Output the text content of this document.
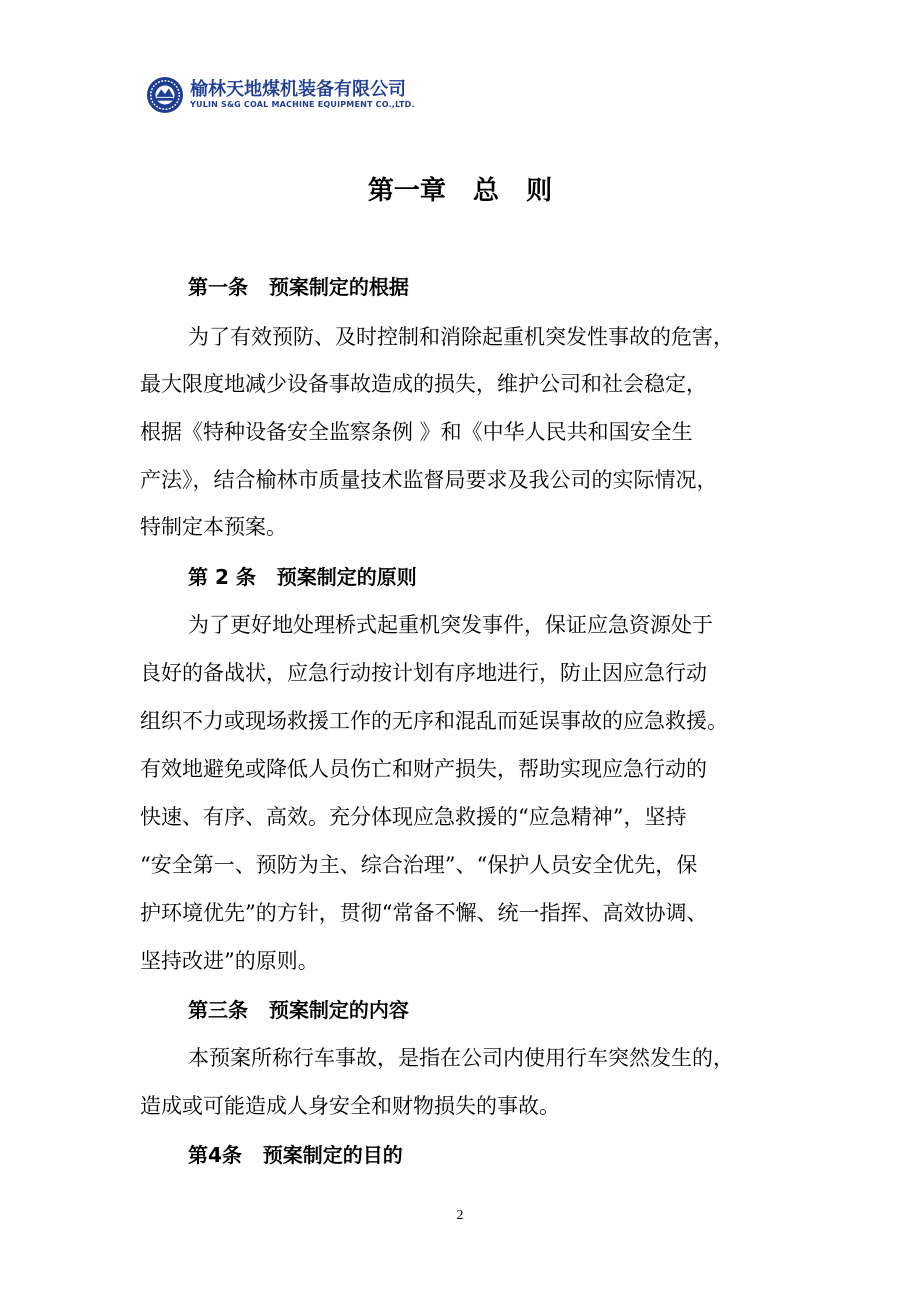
榆林天地煤机装备有限公司
YULIN S&G COAL MACHINE EQUIPMENT CO.,LTD.
第一章   总   则
第一条   预案制定的根据
为了有效预防、及时控制和消除起重机突发性事故的危害，
最大限度地减少设备事故造成的损失，维护公司和社会稳定，
根据《特种设备安全监察条例 》和《中华人民共和国安全生
产法》，结合榆林市质量技术监督局要求及我公司的实际情况，
特制定本预案。
第 2 条   预案制定的原则
为了更好地处理桥式起重机突发事件，保证应急资源处于
良好的备战状，应急行动按计划有序地进行，防止因应急行动
组织不力或现场救援工作的无序和混乱而延误事故的应急救援。
有效地避免或降低人员伤亡和财产损失，帮助实现应急行动的
快速、有序、高效。充分体现应急救援的“应急精神”，坚持
“安全第一、预防为主、综合治理”、“保护人员安全优先，保
护环境优先”的方针，贯彻“常备不懈、统一指挥、高效协调、
坚持改进”的原则。
第三条   预案制定的内容
本预案所称行车事故，是指在公司内使用行车突然发生的，
造成或可能造成人身安全和财物损失的事故。
第4条   预案制定的目的
2
